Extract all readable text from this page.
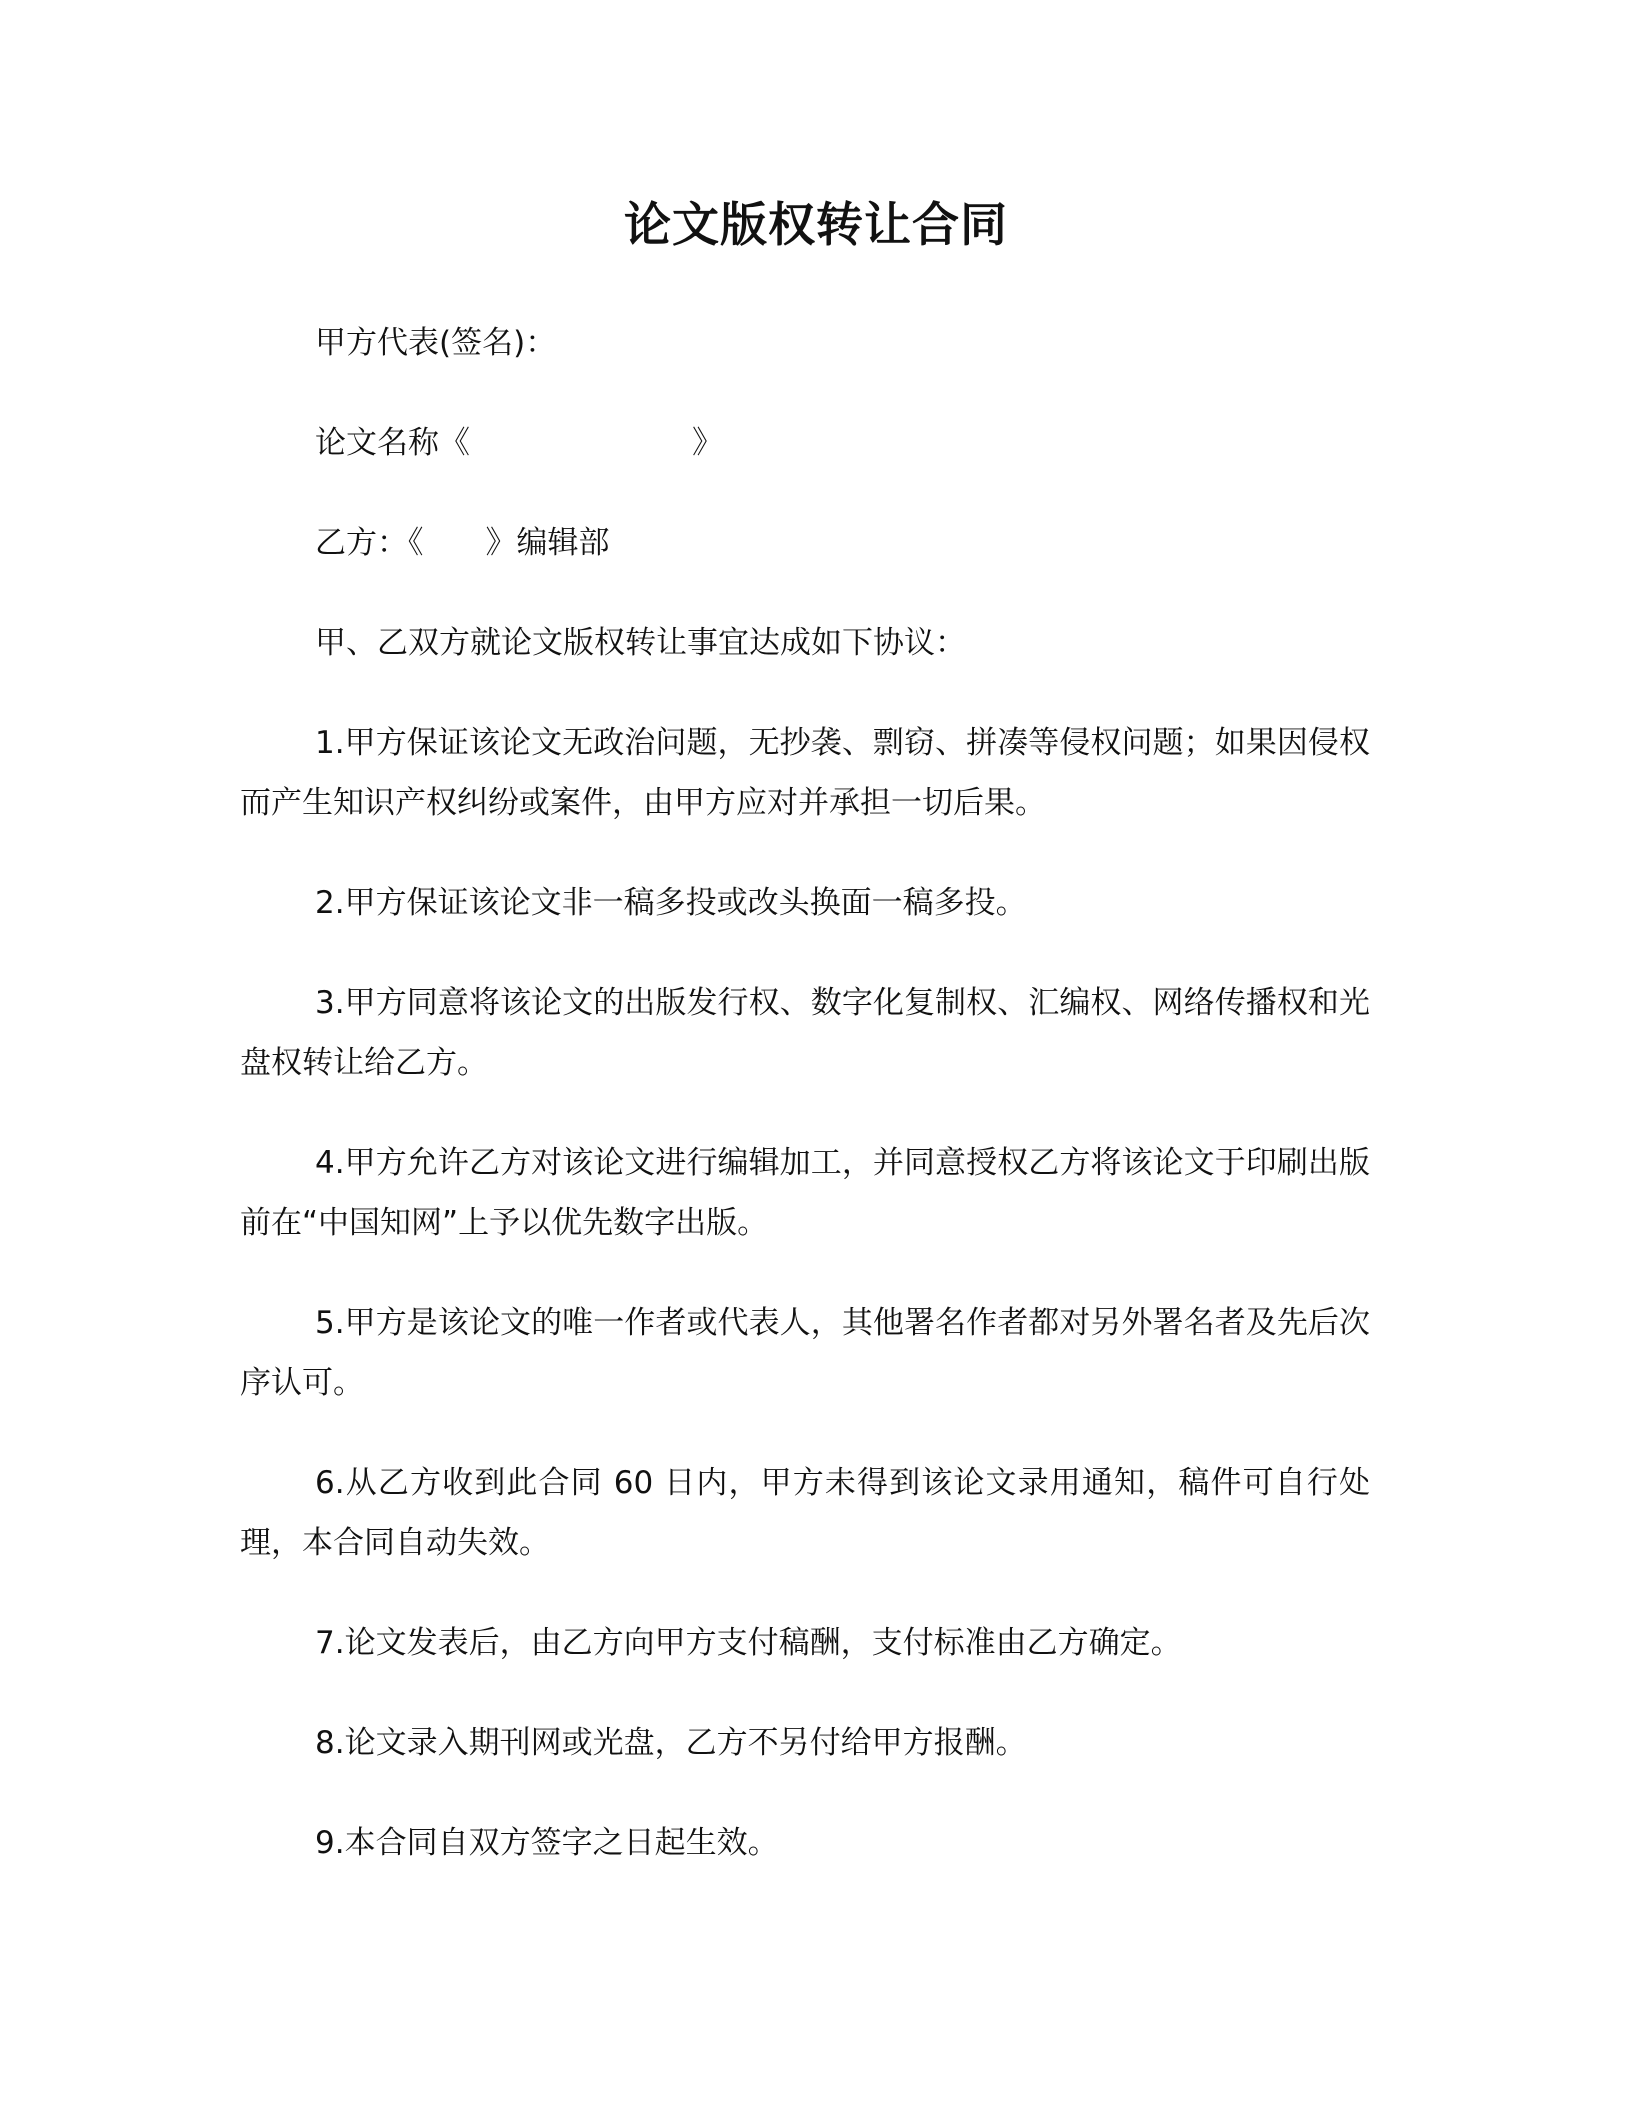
论文版权转让合同
甲方代表(签名)：
论文名称《	》
乙方：《 》编辑部
甲、乙双方就论文版权转让事宜达成如下协议：
1.甲方保证该论文无政治问题，无抄袭、剽窃、拼凑等侵权问题；如果因侵权而产生知识产权纠纷或案件，由甲方应对并承担一切后果。
2.甲方保证该论文非一稿多投或改头换面一稿多投。
3.甲方同意将该论文的出版发行权、数字化复制权、汇编权、网络传播权和光盘权转让给乙方。
4.甲方允许乙方对该论文进行编辑加工，并同意授权乙方将该论文于印刷出版前在“中国知网”上予以优先数字出版。
5.甲方是该论文的唯一作者或代表人，其他署名作者都对另外署名者及先后次序认可。
6.从乙方收到此合同 60 日内，甲方未得到该论文录用通知，稿件可自行处理，本合同自动失效。
7.论文发表后，由乙方向甲方支付稿酬，支付标准由乙方确定。
8.论文录入期刊网或光盘，乙方不另付给甲方报酬。
9.本合同自双方签字之日起生效。
